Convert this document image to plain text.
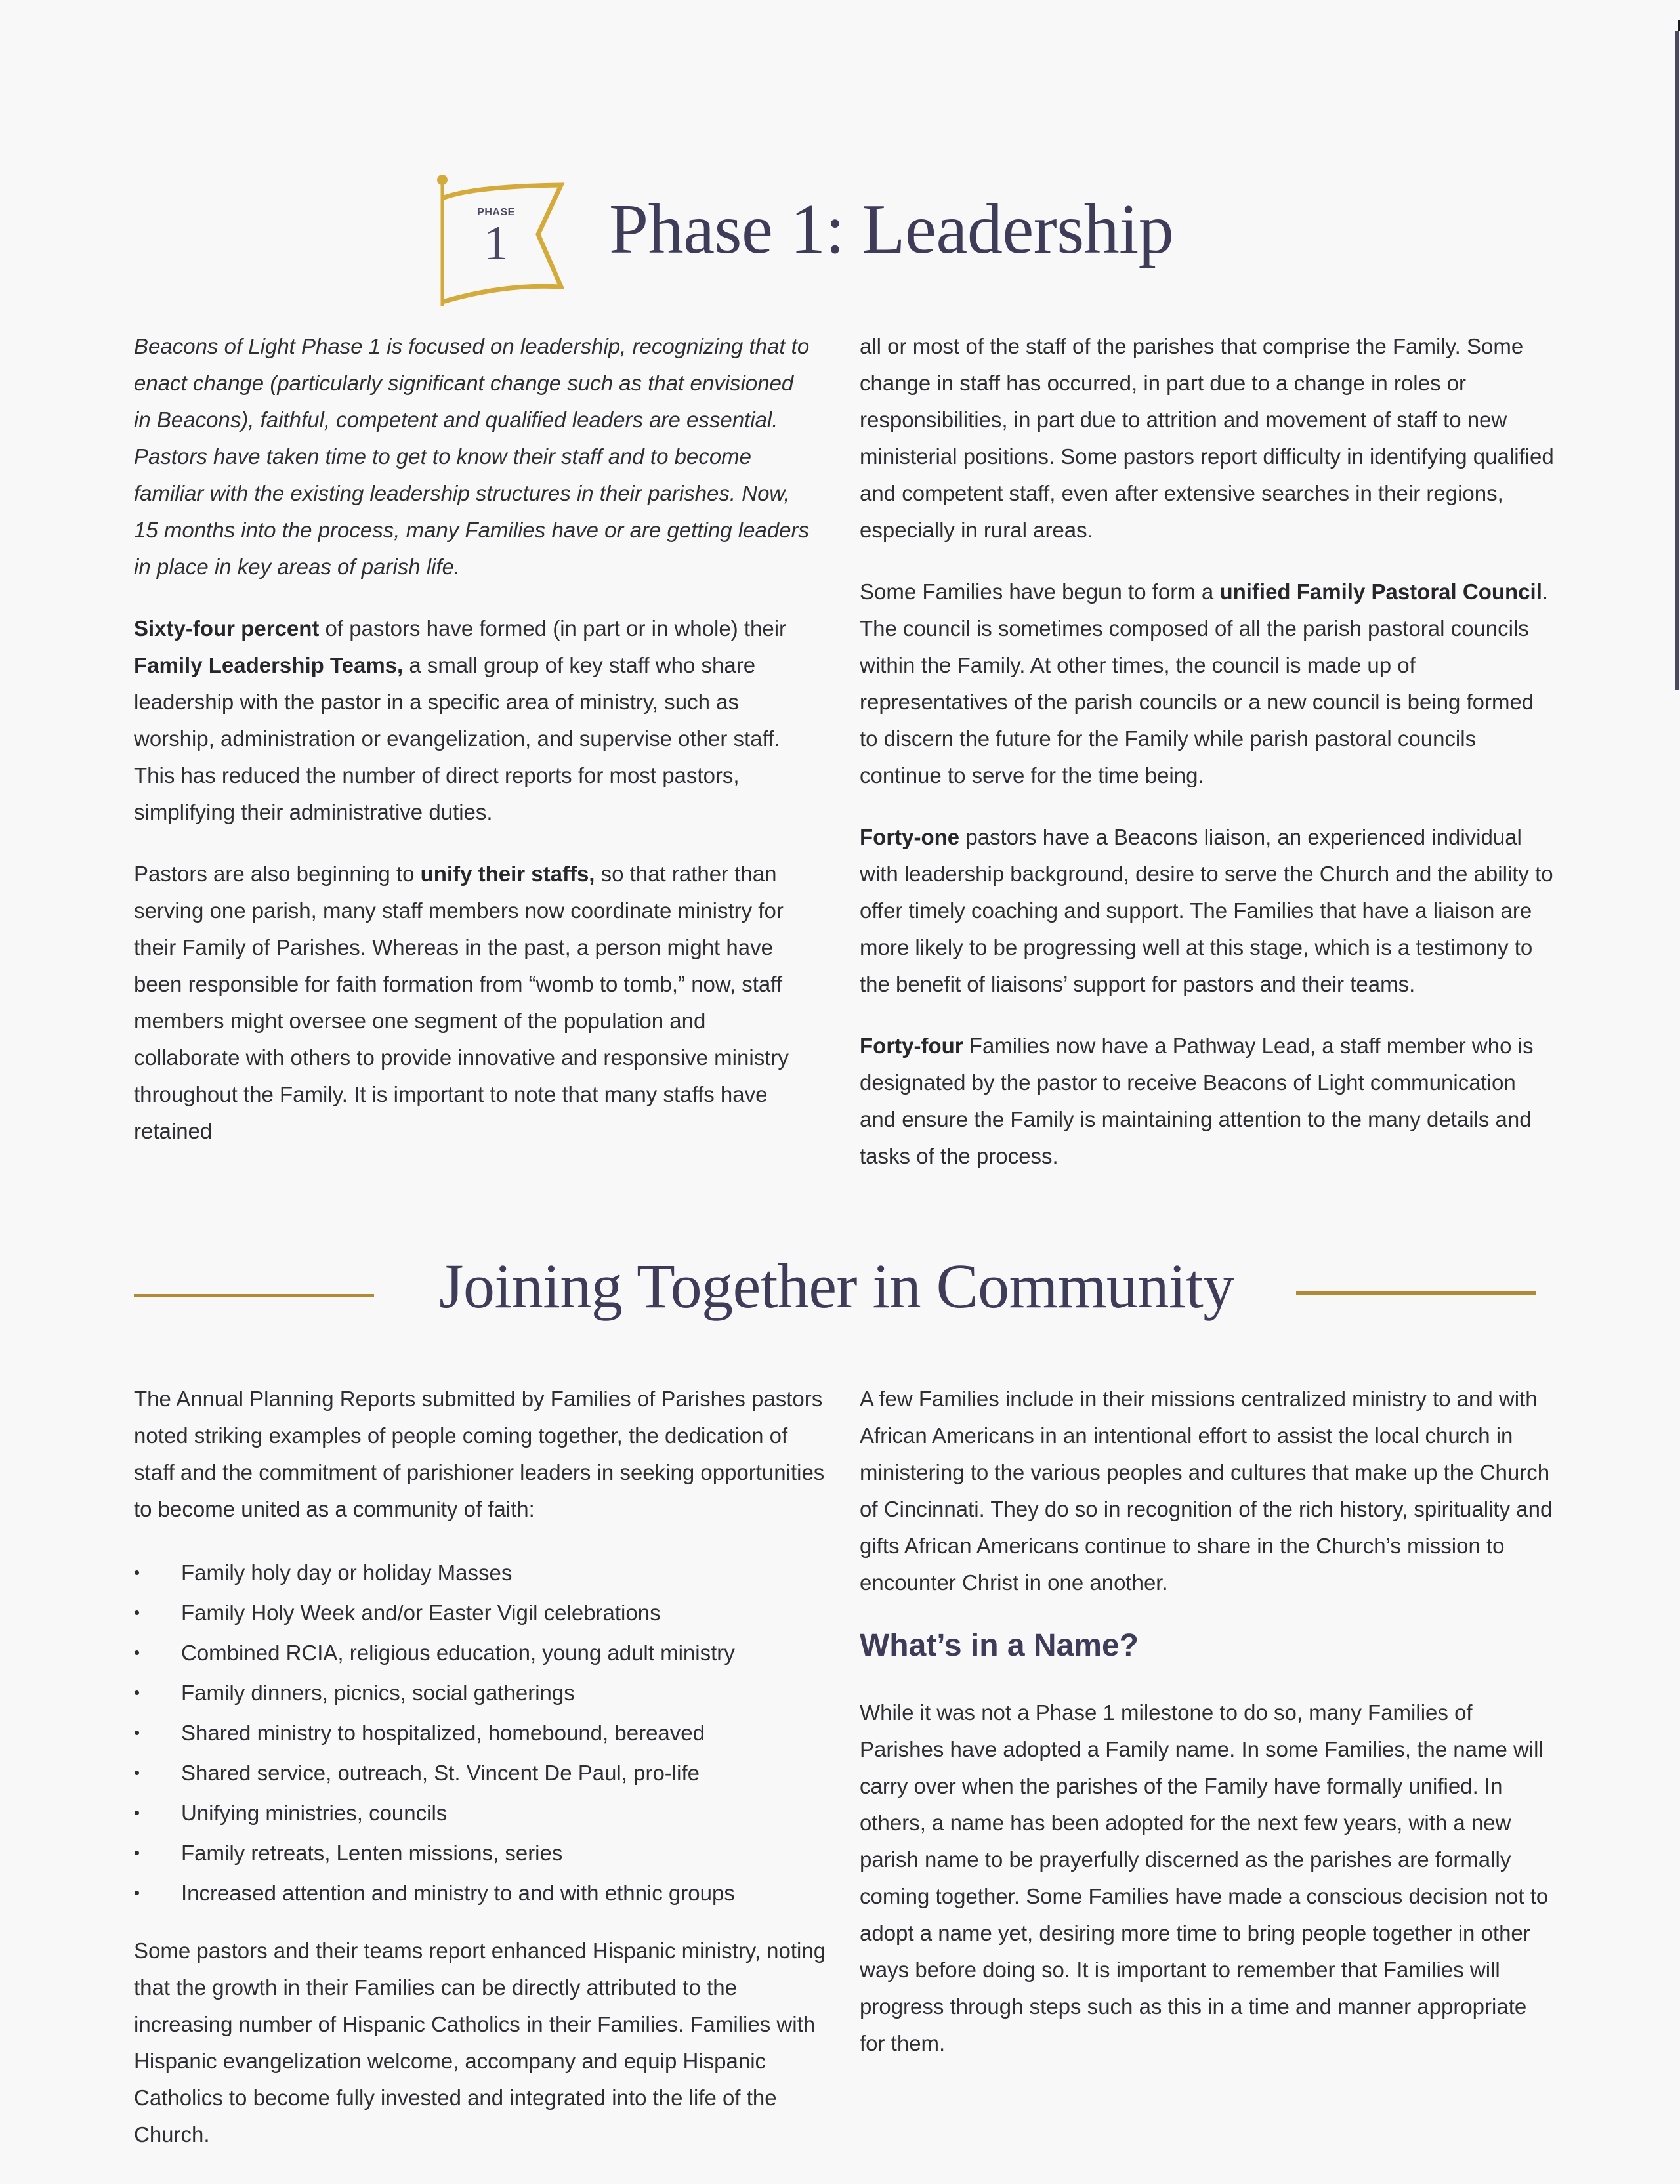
PHASE
1 Phase 1: Leadership

Beacons of Light Phase 1 is focused on leadership, recognizing that to enact change (particularly significant change such as that envisioned in Beacons), faithful, competent and qualified leaders are essential. Pastors have taken time to get to know their staff and to become familiar with the existing leadership structures in their parishes. Now, 15 months into the process, many Families have or are getting leaders in place in key areas of parish life.

Sixty-four percent of pastors have formed (in part or in whole) their Family Leadership Teams, a small group of key staff who share leadership with the pastor in a specific area of ministry, such as worship, administration or evangelization, and supervise other staff. This has reduced the number of direct reports for most pastors, simplifying their administrative duties.

Pastors are also beginning to unify their staffs, so that rather than serving one parish, many staff members now coordinate ministry for their Family of Parishes. Whereas in the past, a person might have been responsible for faith formation from “womb to tomb,” now, staff members might oversee one segment of the population and collaborate with others to provide innovative and responsive ministry throughout the Family. It is important to note that many staffs have retained

all or most of the staff of the parishes that comprise the Family. Some change in staff has occurred, in part due to a change in roles or responsibilities, in part due to attrition and movement of staff to new ministerial positions. Some pastors report difficulty in identifying qualified and competent staff, even after extensive searches in their regions, especially in rural areas.

Some Families have begun to form a unified Family Pastoral Council. The council is sometimes composed of all the parish pastoral councils within the Family. At other times, the council is made up of representatives of the parish councils or a new council is being formed to discern the future for the Family while parish pastoral councils continue to serve for the time being.

Forty-one pastors have a Beacons liaison, an experienced individual with leadership background, desire to serve the Church and the ability to offer timely coaching and support. The Families that have a liaison are more likely to be progressing well at this stage, which is a testimony to the benefit of liaisons’ support for pastors and their teams.

Forty-four Families now have a Pathway Lead, a staff member who is designated by the pastor to receive Beacons of Light communication and ensure the Family is maintaining attention to the many details and tasks of the process.

Joining Together in Community

The Annual Planning Reports submitted by Families of Parishes pastors noted striking examples of people coming together, the dedication of staff and the commitment of parishioner leaders in seeking opportunities to become united as a community of faith:

• Family holy day or holiday Masses
• Family Holy Week and/or Easter Vigil celebrations
• Combined RCIA, religious education, young adult ministry
• Family dinners, picnics, social gatherings
• Shared ministry to hospitalized, homebound, bereaved
• Shared service, outreach, St. Vincent De Paul, pro-life
• Unifying ministries, councils
• Family retreats, Lenten missions, series
• Increased attention and ministry to and with ethnic groups

Some pastors and their teams report enhanced Hispanic ministry, noting that the growth in their Families can be directly attributed to the increasing number of Hispanic Catholics in their Families. Families with Hispanic evangelization welcome, accompany and equip Hispanic Catholics to become fully invested and integrated into the life of the Church.

A few Families include in their missions centralized ministry to and with African Americans in an intentional effort to assist the local church in ministering to the various peoples and cultures that make up the Church of Cincinnati. They do so in recognition of the rich history, spirituality and gifts African Americans continue to share in the Church’s mission to encounter Christ in one another.

What’s in a Name?

While it was not a Phase 1 milestone to do so, many Families of Parishes have adopted a Family name. In some Families, the name will carry over when the parishes of the Family have formally unified. In others, a name has been adopted for the next few years, with a new parish name to be prayerfully discerned as the parishes are formally coming together. Some Families have made a conscious decision not to adopt a name yet, desiring more time to bring people together in other ways before doing so. It is important to remember that Families will progress through steps such as this in a time and manner appropriate for them.
